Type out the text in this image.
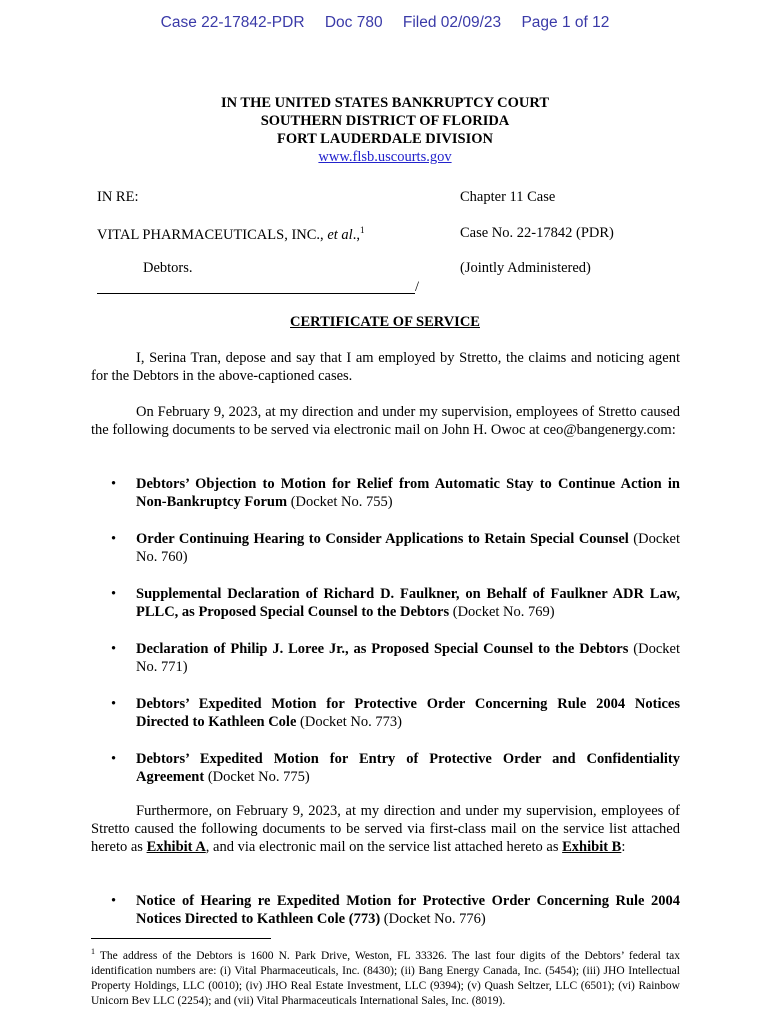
Case 22-17842-PDR Doc 780 Filed 02/09/23 Page 1 of 12
IN THE UNITED STATES BANKRUPTCY COURT
SOUTHERN DISTRICT OF FLORIDA
FORT LAUDERDALE DIVISION
www.flsb.uscourts.gov
IN RE:
VITAL PHARMACEUTICALS, INC., et al.,$^1$
Debtors.
/
Chapter 11 Case
Case No. 22-17842 (PDR)
(Jointly Administered)
CERTIFICATE OF SERVICE
I, Serina Tran, depose and say that I am employed by Stretto, the claims and noticing agent for the Debtors in the above-captioned cases.
On February 9, 2023, at my direction and under my supervision, employees of Stretto caused the following documents to be served via electronic mail on John H. Owoc at ceo@bangenergy.com:
• Debtors’ Objection to Motion for Relief from Automatic Stay to Continue Action in Non-Bankruptcy Forum (Docket No. 755)
• Order Continuing Hearing to Consider Applications to Retain Special Counsel (Docket No. 760)
• Supplemental Declaration of Richard D. Faulkner, on Behalf of Faulkner ADR Law, PLLC, as Proposed Special Counsel to the Debtors (Docket No. 769)
• Declaration of Philip J. Loree Jr., as Proposed Special Counsel to the Debtors (Docket No. 771)
• Debtors’ Expedited Motion for Protective Order Concerning Rule 2004 Notices Directed to Kathleen Cole (Docket No. 773)
• Debtors’ Expedited Motion for Entry of Protective Order and Confidentiality Agreement (Docket No. 775)
Furthermore, on February 9, 2023, at my direction and under my supervision, employees of Stretto caused the following documents to be served via first-class mail on the service list attached hereto as Exhibit A, and via electronic mail on the service list attached hereto as Exhibit B:
• Notice of Hearing re Expedited Motion for Protective Order Concerning Rule 2004 Notices Directed to Kathleen Cole (773) (Docket No. 776)
$^1$ The address of the Debtors is 1600 N. Park Drive, Weston, FL 33326. The last four digits of the Debtors’ federal tax identification numbers are: (i) Vital Pharmaceuticals, Inc. (8430); (ii) Bang Energy Canada, Inc. (5454); (iii) JHO Intellectual Property Holdings, LLC (0010); (iv) JHO Real Estate Investment, LLC (9394); (v) Quash Seltzer, LLC (6501); (vi) Rainbow Unicorn Bev LLC (2254); and (vii) Vital Pharmaceuticals International Sales, Inc. (8019).
